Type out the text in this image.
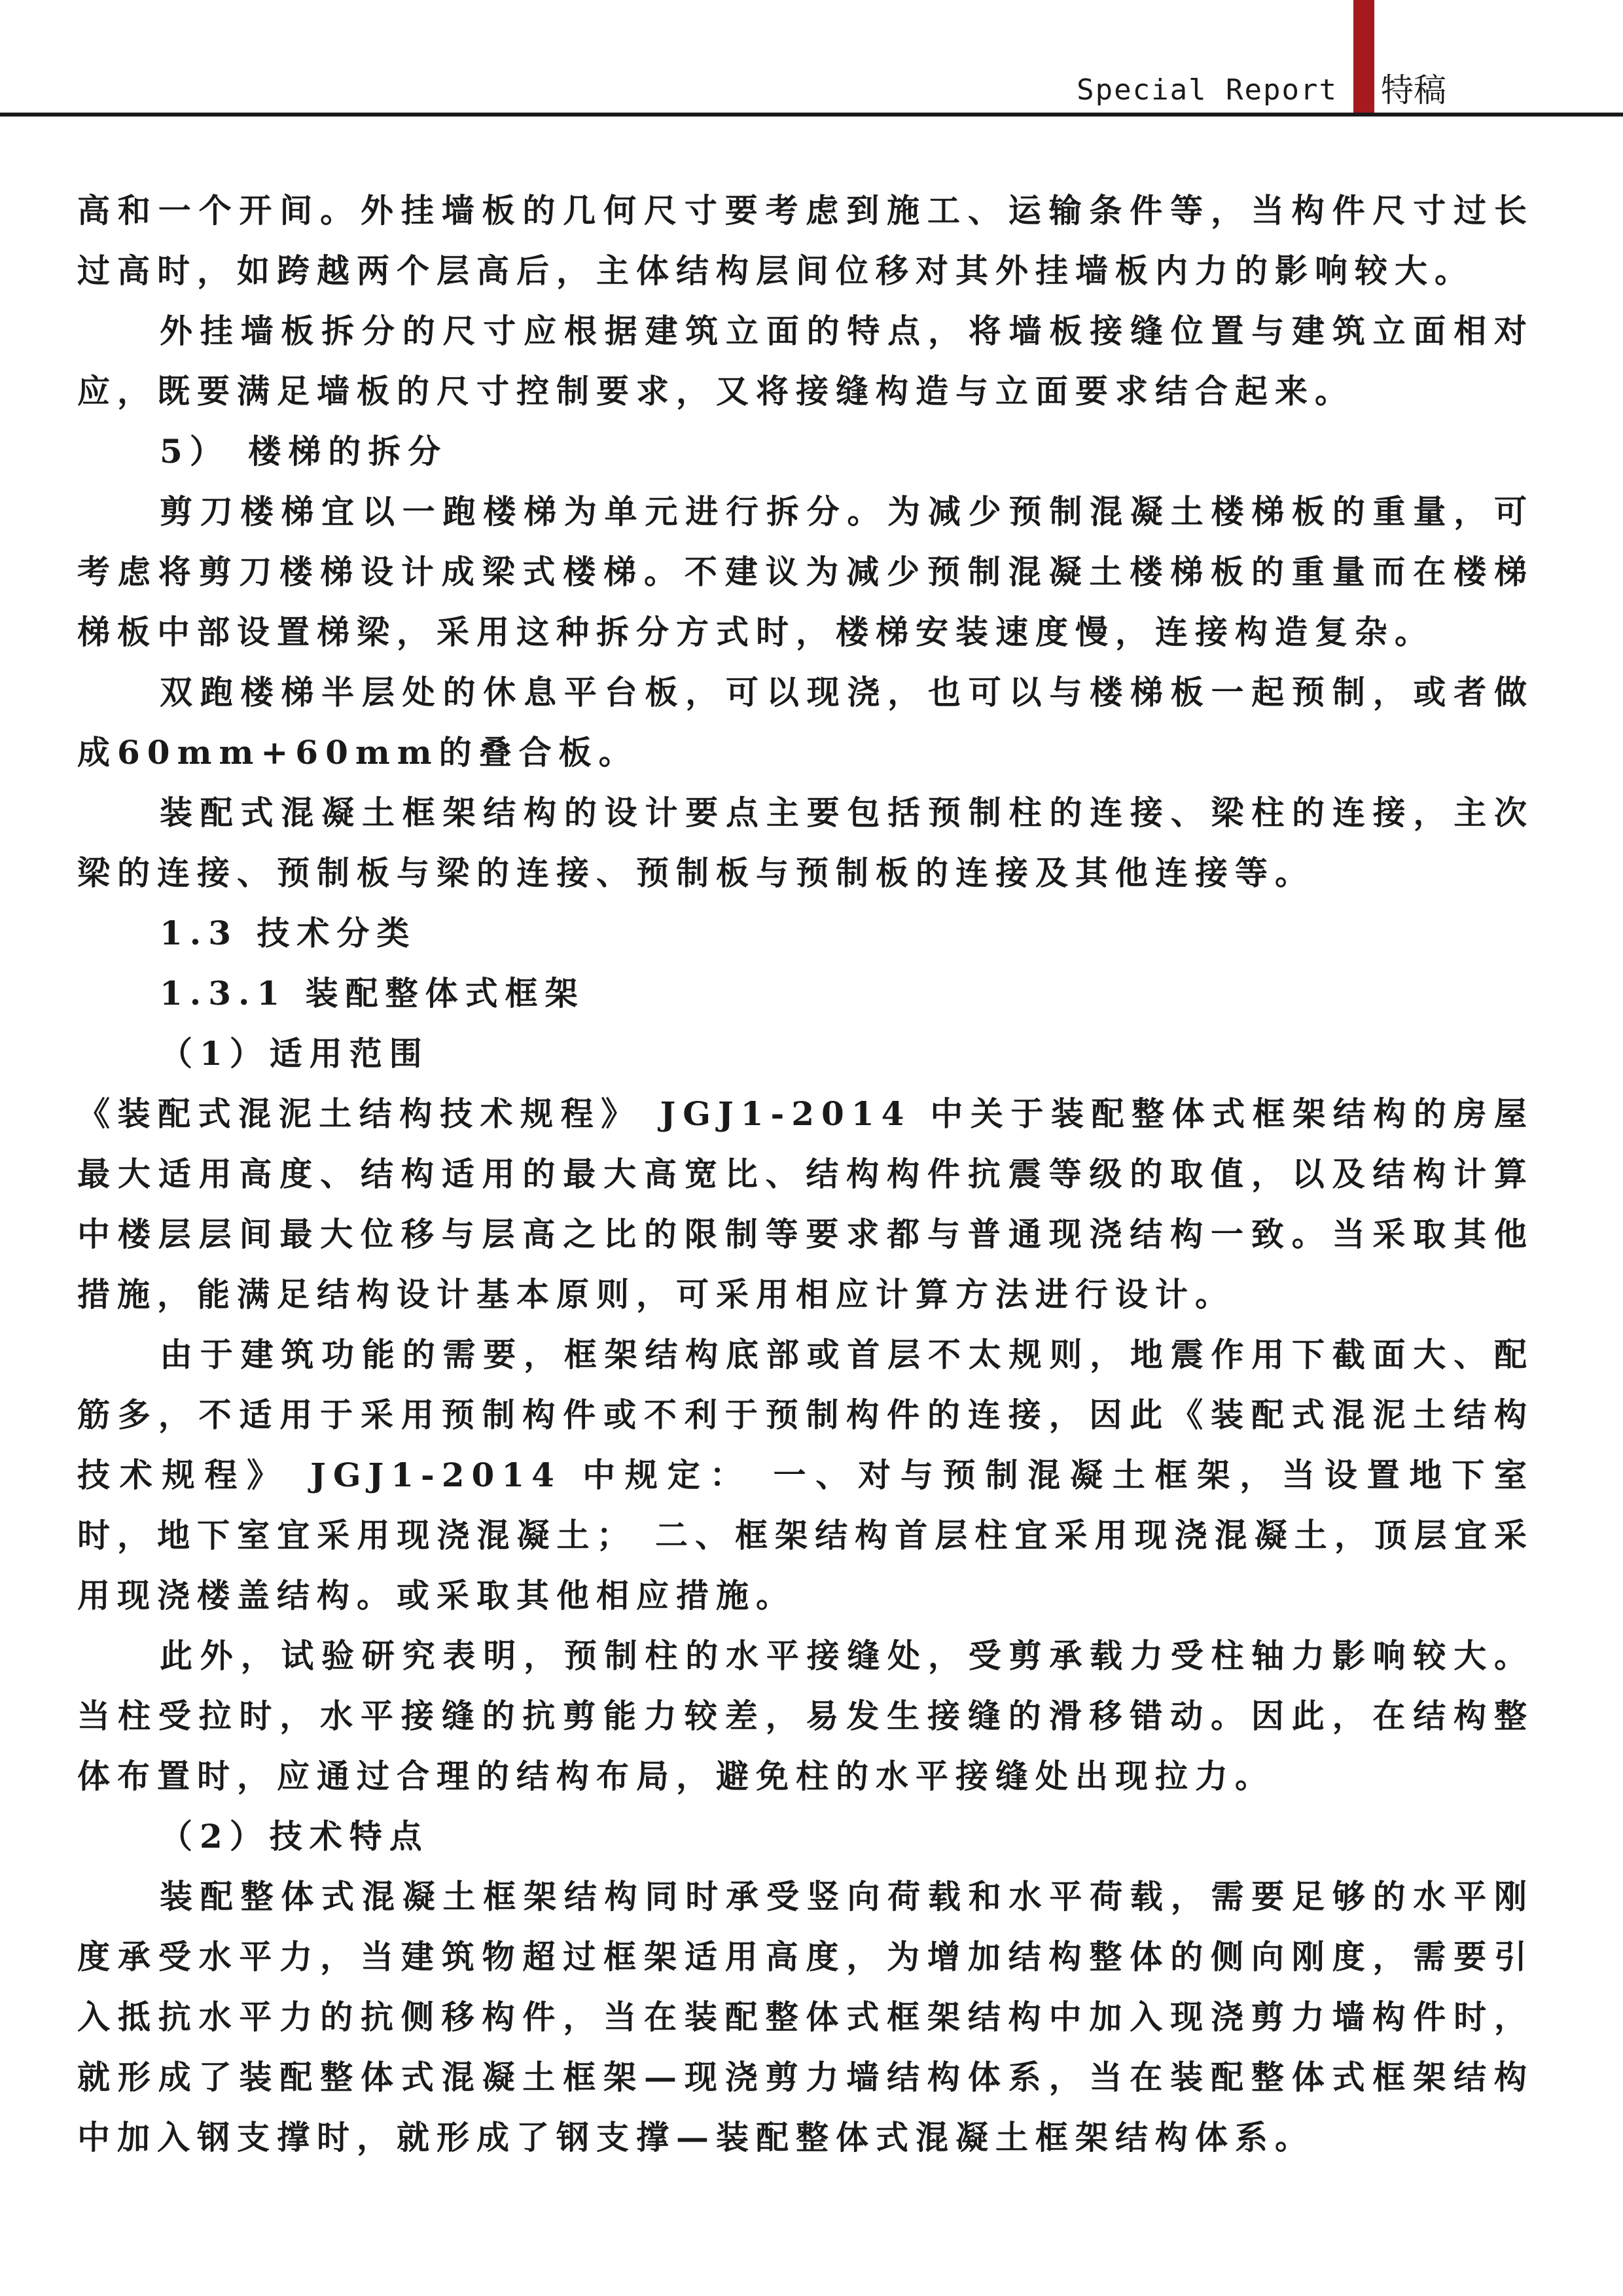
Special Report 特稿

高和一个开间。外挂墙板的几何尺寸要考虑到施工、运输条件等，当构件尺寸过长过高时，如跨越两个层高后，主体结构层间位移对其外挂墙板内力的影响较大。

外挂墙板拆分的尺寸应根据建筑立面的特点，将墙板接缝位置与建筑立面相对应，既要满足墙板的尺寸控制要求，又将接缝构造与立面要求结合起来。

5） 楼梯的拆分

剪刀楼梯宜以一跑楼梯为单元进行拆分。为减少预制混凝土楼梯板的重量，可考虑将剪刀楼梯设计成梁式楼梯。不建议为减少预制混凝土楼梯板的重量而在楼梯梯板中部设置梯梁，采用这种拆分方式时，楼梯安装速度慢，连接构造复杂。

双跑楼梯半层处的休息平台板，可以现浇，也可以与楼梯板一起预制，或者做成60mm+60mm的叠合板。

装配式混凝土框架结构的设计要点主要包括预制柱的连接、梁柱的连接，主次梁的连接、预制板与梁的连接、预制板与预制板的连接及其他连接等。

1.3 技术分类

1.3.1 装配整体式框架

（1）适用范围

《装配式混泥土结构技术规程》 JGJ1-2014 中关于装配整体式框架结构的房屋最大适用高度、结构适用的最大高宽比、结构构件抗震等级的取值，以及结构计算中楼层层间最大位移与层高之比的限制等要求都与普通现浇结构一致。当采取其他措施，能满足结构设计基本原则，可采用相应计算方法进行设计。

由于建筑功能的需要，框架结构底部或首层不太规则，地震作用下截面大、配筋多，不适用于采用预制构件或不利于预制构件的连接，因此《装配式混泥土结构技术规程》 JGJ1-2014 中规定： 一、对与预制混凝土框架，当设置地下室时，地下室宜采用现浇混凝土； 二、框架结构首层柱宜采用现浇混凝土，顶层宜采用现浇楼盖结构。或采取其他相应措施。

此外，试验研究表明，预制柱的水平接缝处，受剪承载力受柱轴力影响较大。当柱受拉时，水平接缝的抗剪能力较差，易发生接缝的滑移错动。因此，在结构整体布置时，应通过合理的结构布局，避免柱的水平接缝处出现拉力。

（2）技术特点

装配整体式混凝土框架结构同时承受竖向荷载和水平荷载，需要足够的水平刚度承受水平力，当建筑物超过框架适用高度，为增加结构整体的侧向刚度，需要引入抵抗水平力的抗侧移构件，当在装配整体式框架结构中加入现浇剪力墙构件时，就形成了装配整体式混凝土框架—现浇剪力墙结构体系，当在装配整体式框架结构中加入钢支撑时，就形成了钢支撑—装配整体式混凝土框架结构体系。
